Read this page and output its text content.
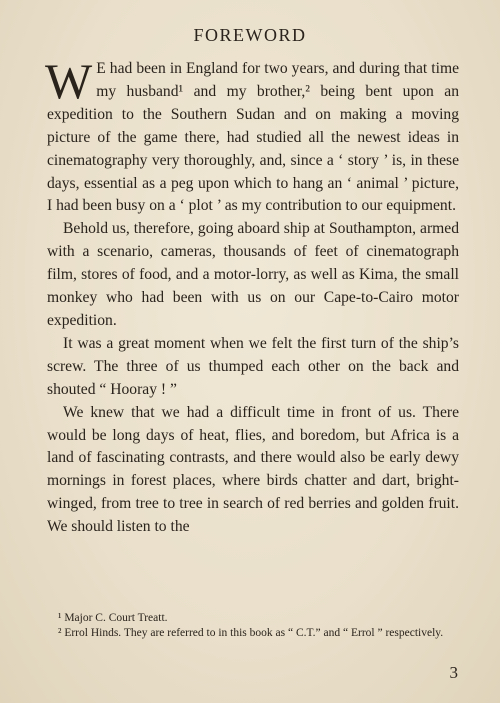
FOREWORD

W E had been in England for two years, and during that time my husband¹ and my brother,² being bent upon an expedition to the Southern Sudan and on making a moving picture of the game there, had studied all the newest ideas in cinematography very thoroughly, and, since a ‘ story ’ is, in these days, essential as a peg upon which to hang an ‘ animal ’ picture, I had been busy on a ‘ plot ’ as my contribution to our equipment.

Behold us, therefore, going aboard ship at Southampton, armed with a scenario, cameras, thousands of feet of cinematograph film, stores of food, and a motor-lorry, as well as Kima, the small monkey who had been with us on our Cape-to-Cairo motor expedition.

It was a great moment when we felt the first turn of the ship’s screw. The three of us thumped each other on the back and shouted “ Hooray ! ”

We knew that we had a difficult time in front of us. There would be long days of heat, flies, and boredom, but Africa is a land of fascinating contrasts, and there would also be early dewy mornings in forest places, where birds chatter and dart, bright-winged, from tree to tree in search of red berries and golden fruit. We should listen to the

¹ Major C. Court Treatt.

² Errol Hinds. They are referred to in this book as “ C.T.” and “ Errol ” respectively.

3
